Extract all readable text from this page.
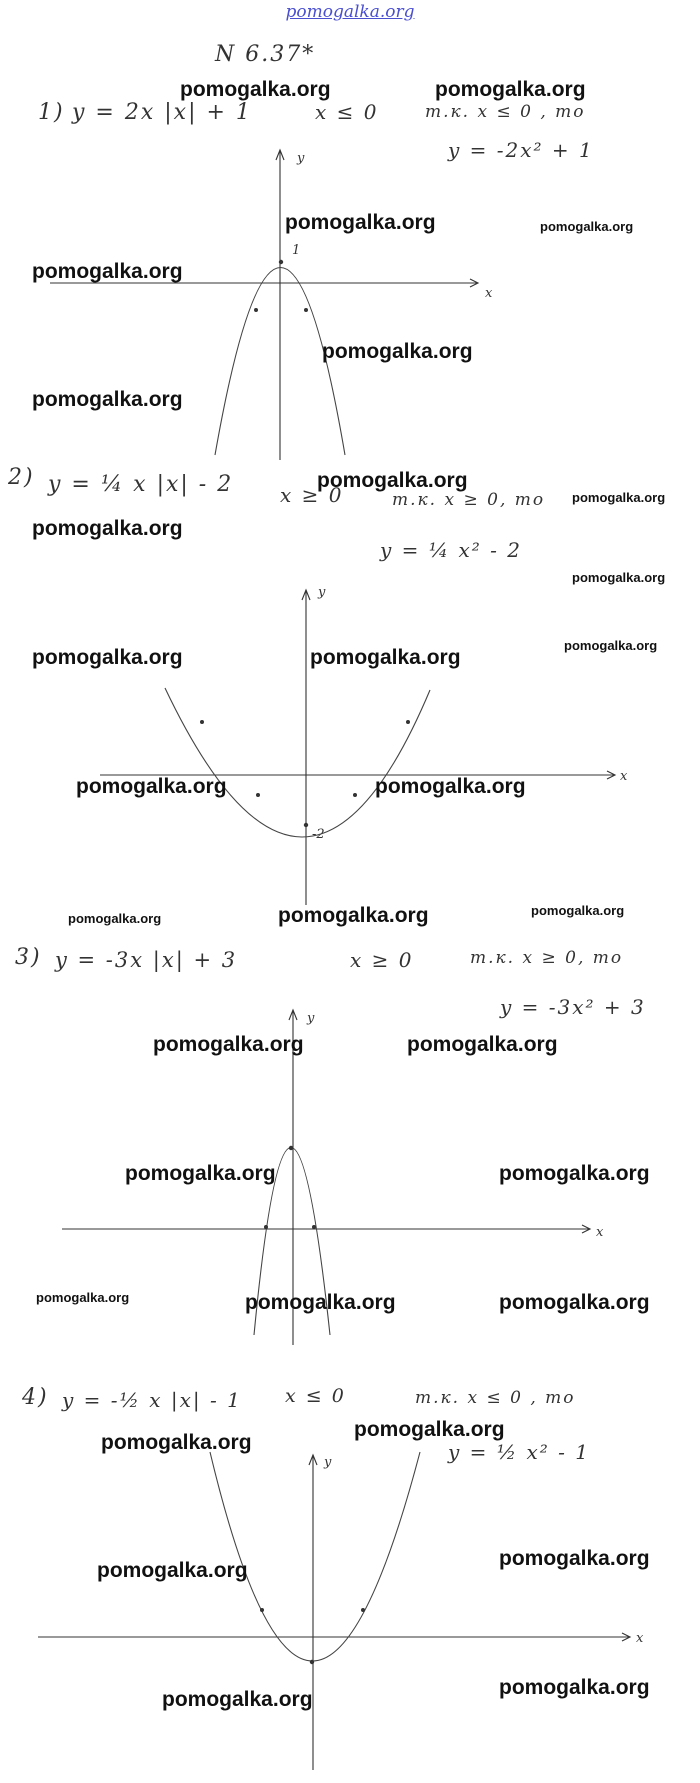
pomogalka.org
N 6.37*
1) y = 2x |x| + 1	x ≤ 0	т.к. x ≤ 0 , то
y = -2x² + 1
2) y = ¼ x |x| - 2 x ≥ 0	т.к. x ≥ 0, то
y = ¼ x² - 2
3) y = -3x |x| + 3	x ≥ 0	т.к. x ≥ 0, то
y = -3x² + 3
4) y = -½ x |x| - 1 x ≤ 0	т.к. x ≤ 0 , то
y = ½ x² - 1
x
y
1
x
y
-2
x
y
x
y
pomogalka.org	pomogalka.org
pomogalka.org	pomogalka.org
pomogalka.org
pomogalka.org
pomogalka.org
pomogalka.org
pomogalka.org
pomogalka.org
pomogalka.org
pomogalka.org
pomogalka.org	pomogalka.org
pomogalka.org	pomogalka.org
pomogalka.org	pomogalka.org	pomogalka.org
pomogalka.org	pomogalka.org
pomogalka.org	pomogalka.org
pomogalka.org	pomogalka.org	pomogalka.org
pomogalka.org
pomogalka.org
pomogalka.org
pomogalka.org
pomogalka.org
pomogalka.org
